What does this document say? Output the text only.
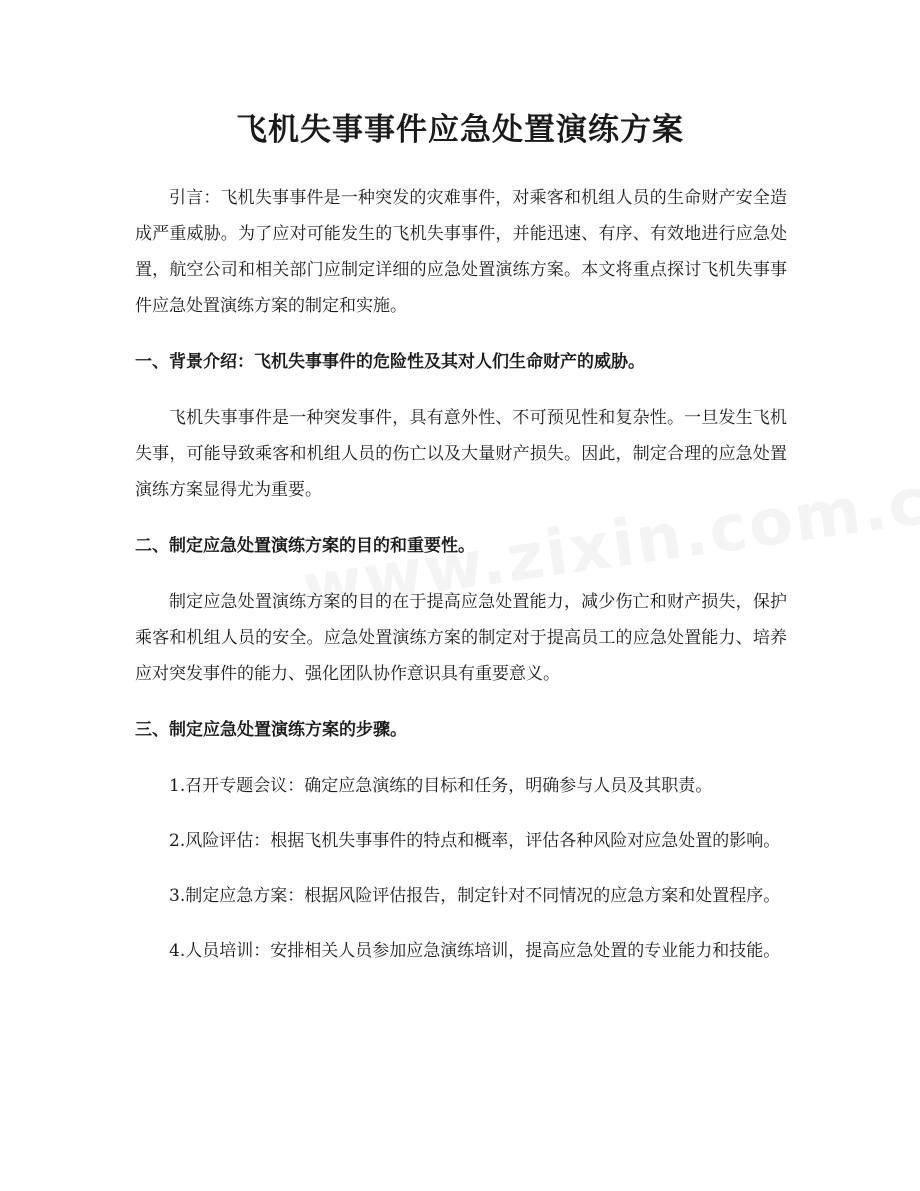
飞机失事事件应急处置演练方案

引言：飞机失事事件是一种突发的灾难事件，对乘客和机组人员的生命财产安全造成严重威胁。为了应对可能发生的飞机失事事件，并能迅速、有序、有效地进行应急处置，航空公司和相关部门应制定详细的应急处置演练方案。本文将重点探讨飞机失事事件应急处置演练方案的制定和实施。

一、背景介绍：飞机失事事件的危险性及其对人们生命财产的威胁。

飞机失事事件是一种突发事件，具有意外性、不可预见性和复杂性。一旦发生飞机失事，可能导致乘客和机组人员的伤亡以及大量财产损失。因此，制定合理的应急处置演练方案显得尤为重要。

二、制定应急处置演练方案的目的和重要性。

制定应急处置演练方案的目的在于提高应急处置能力，减少伤亡和财产损失，保护乘客和机组人员的安全。应急处置演练方案的制定对于提高员工的应急处置能力、培养应对突发事件的能力、强化团队协作意识具有重要意义。

三、制定应急处置演练方案的步骤。

1.召开专题会议：确定应急演练的目标和任务，明确参与人员及其职责。

2.风险评估：根据飞机失事事件的特点和概率，评估各种风险对应急处置的影响。

3.制定应急方案：根据风险评估报告，制定针对不同情况的应急方案和处置程序。

4.人员培训：安排相关人员参加应急演练培训，提高应急处置的专业能力和技能。
